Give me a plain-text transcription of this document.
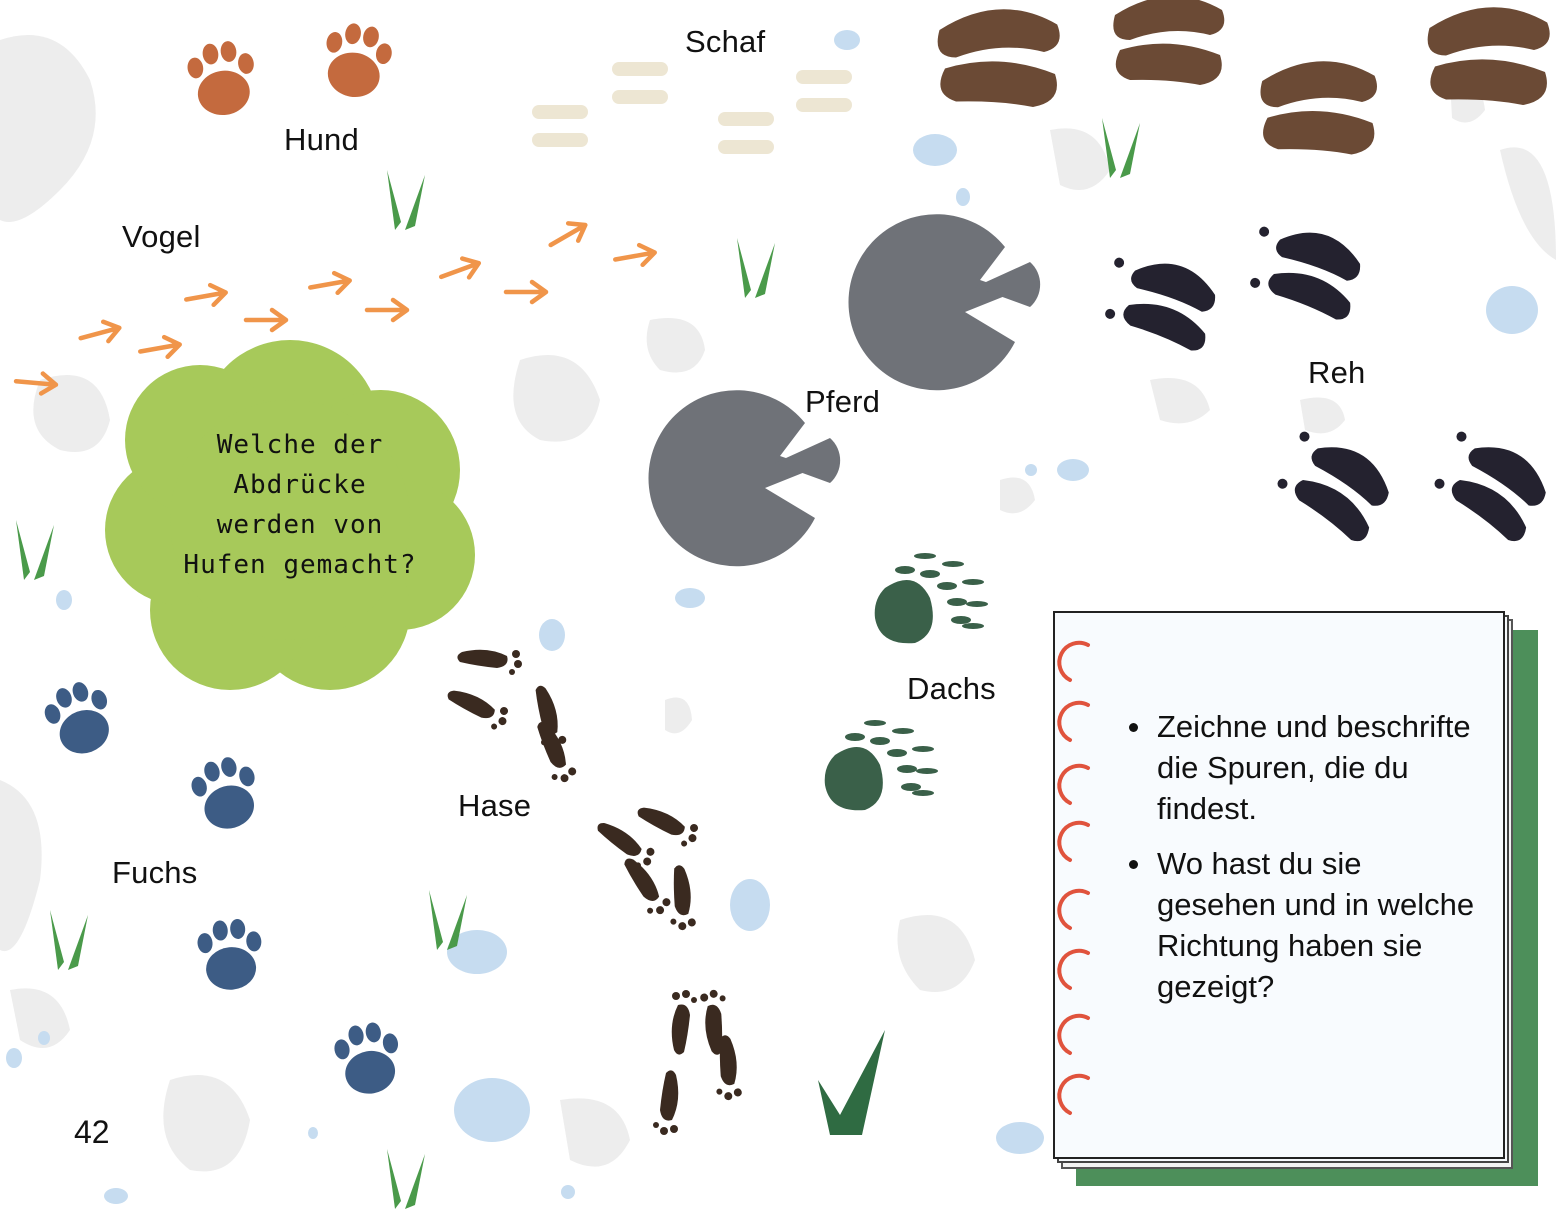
Hund
Schaf
Vogel
Pferd
Reh
Dachs
Hase
Fuchs
Welche der
Abdrücke
werden von
Hufen gemacht?
Zeichne und beschrifte die Spuren, die du findest.
Wo hast du sie gesehen und in welche Richtung haben sie gezeigt?
42
